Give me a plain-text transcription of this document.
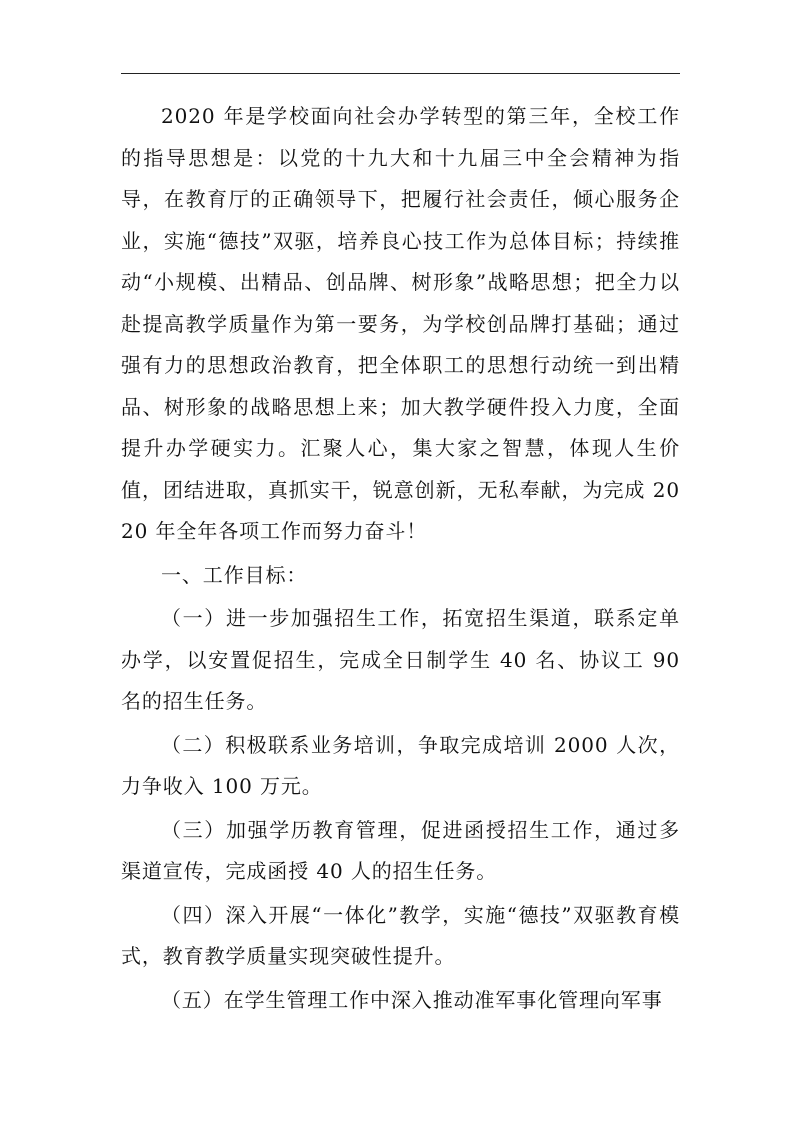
2020 年是学校面向社会办学转型的第三年，全校工作的指导思想是：以党的十九大和十九届三中全会精神为指导，在教育厅的正确领导下，把履行社会责任，倾心服务企业，实施“德技”双驱，培养良心技工作为总体目标；持续推动“小规模、出精品、创品牌、树形象”战略思想；把全力以赴提高教学质量作为第一要务，为学校创品牌打基础；通过强有力的思想政治教育，把全体职工的思想行动统一到出精品、树形象的战略思想上来；加大教学硬件投入力度，全面提升办学硬实力。汇聚人心，集大家之智慧，体现人生价值，团结进取，真抓实干，锐意创新，无私奉献，为完成 2020 年全年各项工作而努力奋斗！

一、工作目标：

（一）进一步加强招生工作，拓宽招生渠道，联系定单办学，以安置促招生，完成全日制学生 40 名、协议工 90 名的招生任务。

（二）积极联系业务培训，争取完成培训 2000 人次，力争收入 100 万元。

（三）加强学历教育管理，促进函授招生工作，通过多渠道宣传，完成函授 40 人的招生任务。

（四）深入开展“一体化”教学，实施“德技”双驱教育模式，教育教学质量实现突破性提升。

（五）在学生管理工作中深入推动准军事化管理向军事
